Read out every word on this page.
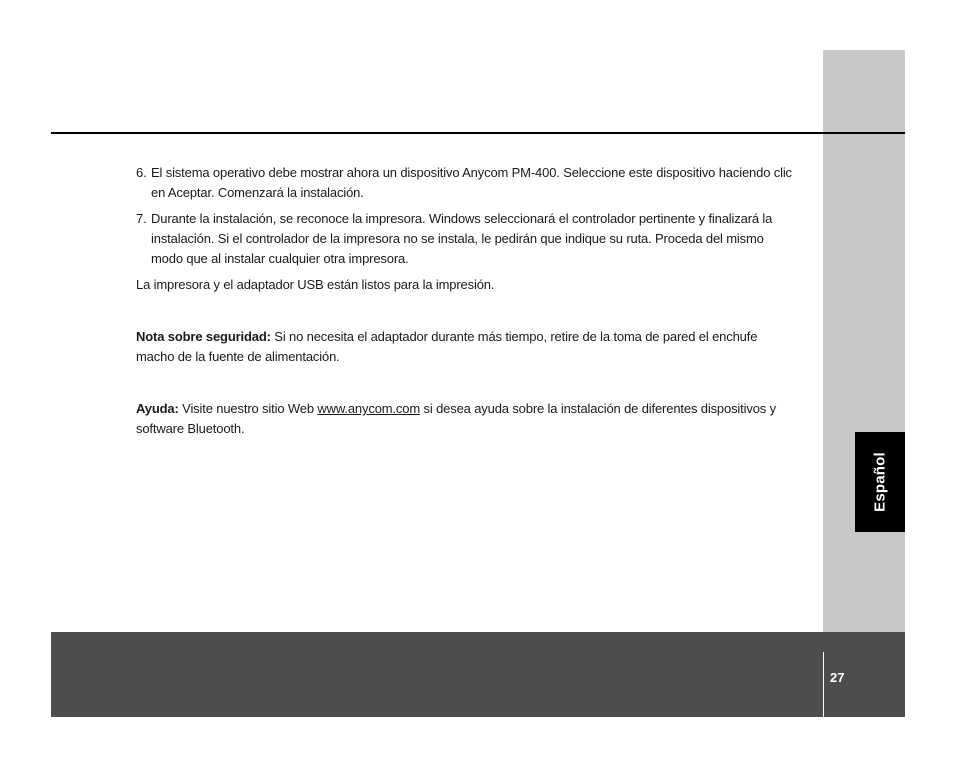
6. El sistema operativo debe mostrar ahora un dispositivo Anycom PM-400. Seleccione este dispositivo haciendo clic en Aceptar. Comenzará la instalación.
7. Durante la instalación, se reconoce la impresora. Windows seleccionará el controlador pertinente y finalizará la instalación. Si el controlador de la impresora no se instala, le pedirán que indique su ruta. Proceda del mismo modo que al instalar cualquier otra impresora.

La impresora y el adaptador USB están listos para la impresión.

Nota sobre seguridad: Si no necesita el adaptador durante más tiempo, retire de la toma de pared el enchufe macho de la fuente de alimentación.

Ayuda: Visite nuestro sitio Web www.anycom.com si desea ayuda sobre la instalación de diferentes dispositivos y software Bluetooth.

Español
27
